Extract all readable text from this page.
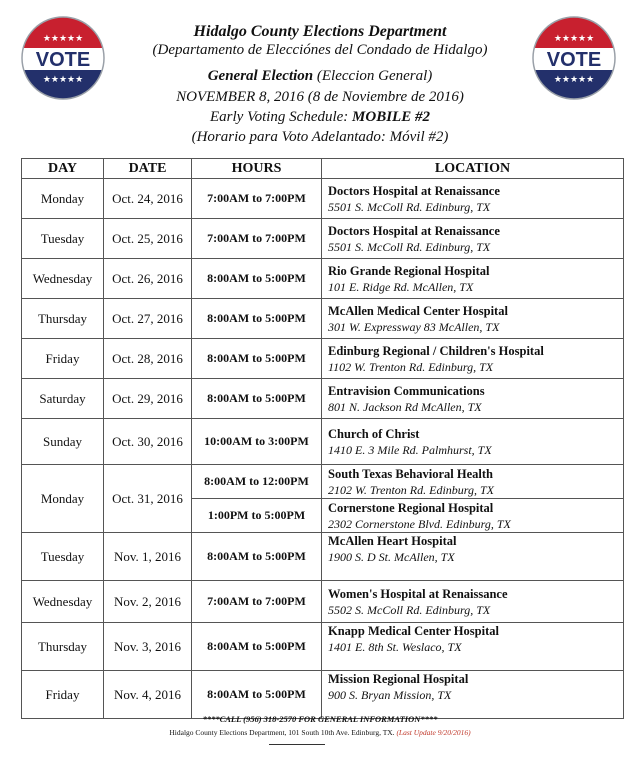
★★★★★
VOTE
★★★★★
★★★★★
VOTE
★★★★★
Hidalgo County Elections Department
(Departamento de Elecciónes del Condado de Hidalgo)
General Election (Eleccion General)
NOVEMBER 8, 2016 (8 de Noviembre de 2016)
Early Voting Schedule: MOBILE #2
(Horario para Voto Adelantado: Móvil #2)
DAY	DATE	HOURS	LOCATION
Monday	Oct. 24, 2016	7:00AM to 7:00PM	Doctors Hospital at Renaissance
5501 S. McColl Rd. Edinburg, TX

Tuesday	Oct. 25, 2016	7:00AM to 7:00PM	Doctors Hospital at Renaissance
5501 S. McColl Rd. Edinburg, TX

Wednesday	Oct. 26, 2016	8:00AM to 5:00PM	Rio Grande Regional Hospital
101 E. Ridge Rd. McAllen, TX

Thursday	Oct. 27, 2016	8:00AM to 5:00PM	McAllen Medical Center Hospital
301 W. Expressway 83 McAllen, TX

Friday	Oct. 28, 2016	8:00AM to 5:00PM	Edinburg Regional / Children's Hospital
1102 W. Trenton Rd. Edinburg, TX

Saturday	Oct. 29, 2016	8:00AM to 5:00PM	Entravision Communications
801 N. Jackson Rd McAllen, TX

Sunday	Oct. 30, 2016	10:00AM to 3:00PM	Church of Christ
1410 E. 3 Mile Rd. Palmhurst, TX

Monday	Oct. 31, 2016	8:00AM to 12:00PM	South Texas Behavioral Health
2102 W. Trenton Rd. Edinburg, TX

		1:00PM to 5:00PM	Cornerstone Regional Hospital
2302 Cornerstone Blvd. Edinburg, TX

Tuesday	Nov. 1, 2016	8:00AM to 5:00PM	McAllen Heart Hospital
1900 S. D St. McAllen, TX

Wednesday	Nov. 2, 2016	7:00AM to 7:00PM	Women's Hospital at Renaissance
5502 S. McColl Rd. Edinburg, TX

Thursday	Nov. 3, 2016	8:00AM to 5:00PM	Knapp Medical Center Hospital
1401 E. 8th St. Weslaco, TX

Friday	Nov. 4, 2016	8:00AM to 5:00PM	Mission Regional Hospital
900 S. Bryan Mission, TX
****CALL (956) 318-2570 FOR GENERAL INFORMATION****
Hidalgo County Elections Department, 101 South 10th Ave. Edinburg, TX. (Last Update 9/20/2016)
